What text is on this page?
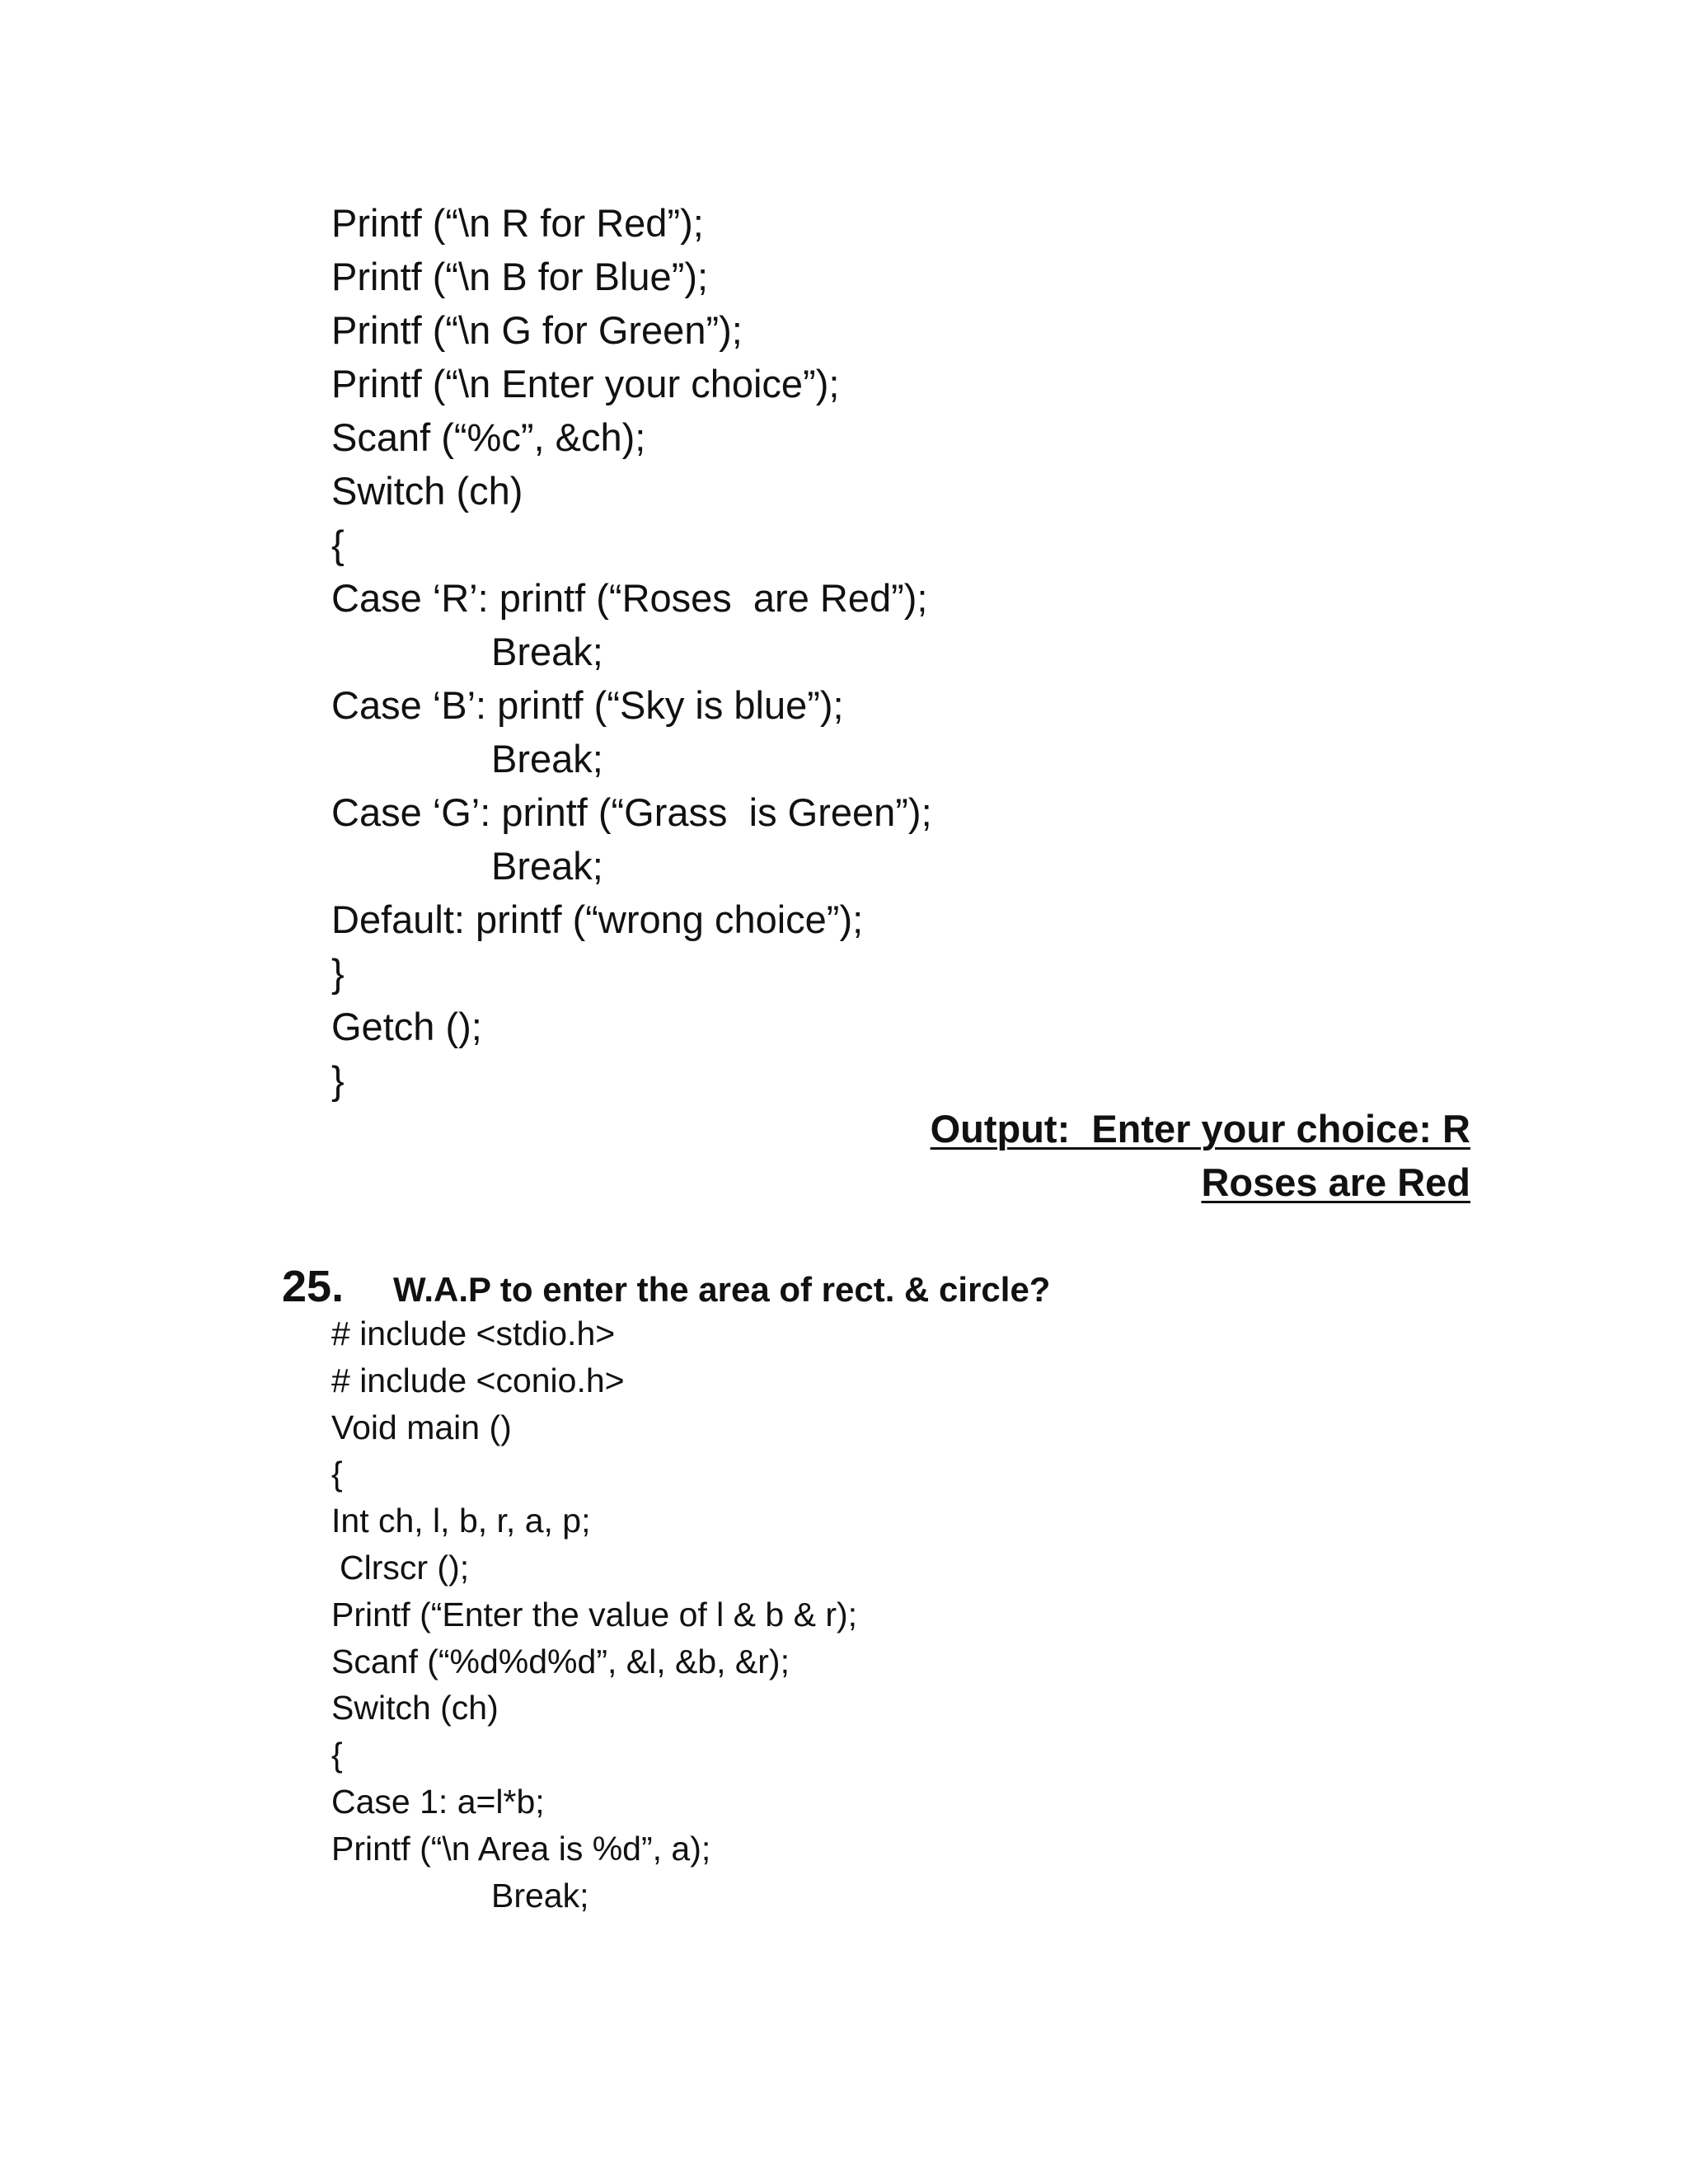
Printf (“\n R for Red”);
Printf (“\n B for Blue”);
Printf (“\n G for Green”);
Printf (“\n Enter your choice”);
Scanf (“%c”, &ch);
Switch (ch)
{
Case ‘R’: printf (“Roses  are Red”);
Break;
Case ‘B’: printf (“Sky is blue”);
Break;
Case ‘G’: printf (“Grass  is Green”);
Break;
Default: printf (“wrong choice”);
}
Getch ();
}
Output:  Enter your choice: R
Roses are Red
25. W.A.P to enter the area of rect. & circle?
# include <stdio.h>
# include <conio.h>
Void main ()
{
Int ch, l, b, r, a, p;
Clrscr ();
Printf (“Enter the value of l & b & r);
Scanf (“%d%d%d”, &l, &b, &r);
Switch (ch)
{
Case 1: a=l*b;
Printf (“\n Area is %d”, a);
Break;
